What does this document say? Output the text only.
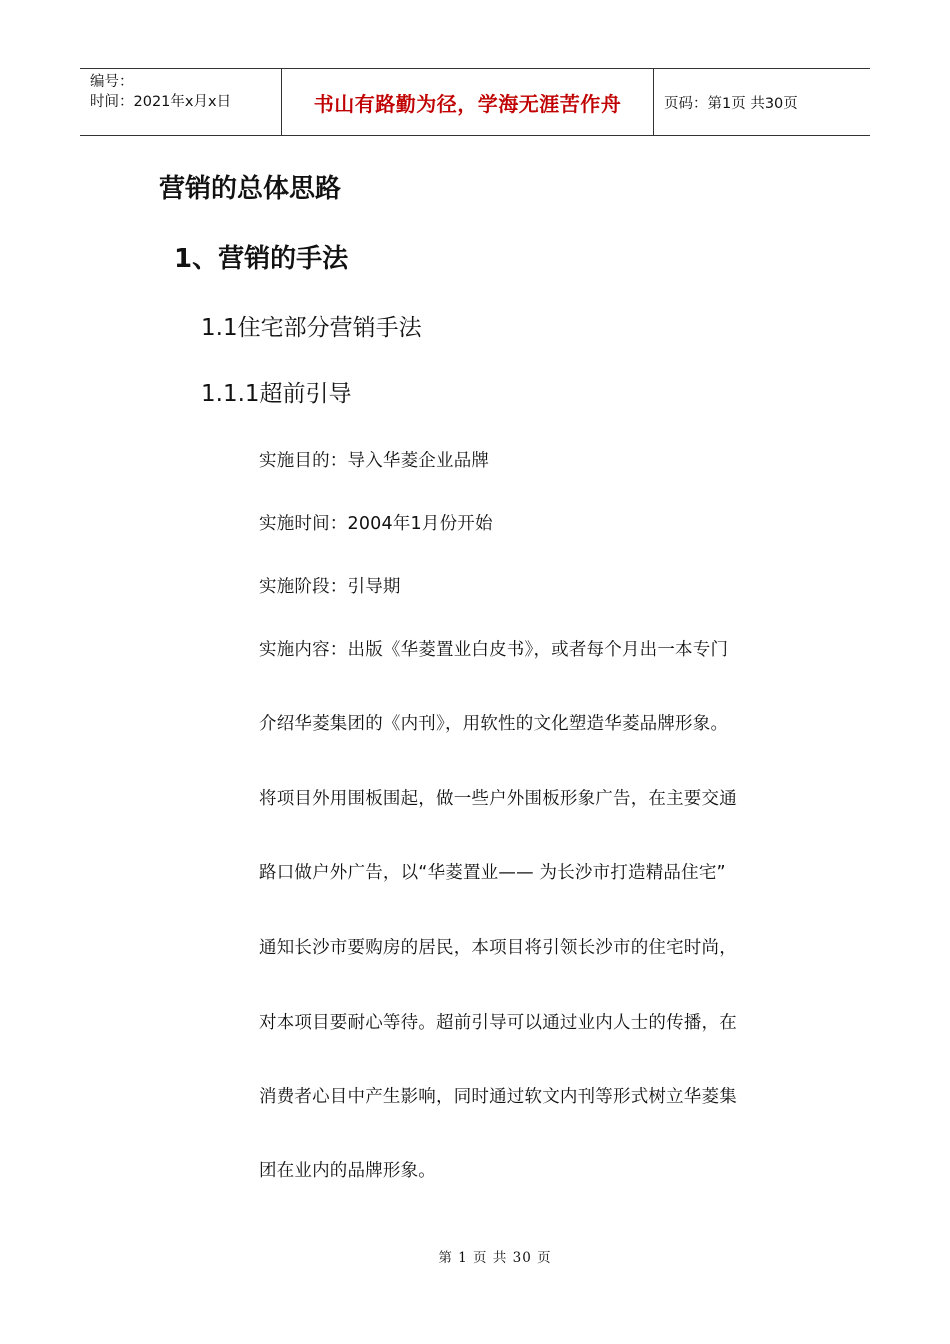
编号：
时间：2021年x月x日	书山有路勤为径，学海无涯苦作舟	页码：第1页 共30页
营销的总体思路
1、营销的手法
1.1住宅部分营销手法
1.1.1超前引导
实施目的：导入华菱企业品牌
实施时间：2004年1月份开始
实施阶段：引导期
实施内容：出版《华菱置业白皮书》，或者每个月出一本专门
介绍华菱集团的《内刊》，用软性的文化塑造华菱品牌形象。
将项目外用围板围起，做一些户外围板形象广告，在主要交通
路口做户外广告，以“华菱置业—— 为长沙市打造精品住宅”
通知长沙市要购房的居民，本项目将引领长沙市的住宅时尚，
对本项目要耐心等待。超前引导可以通过业内人士的传播，在
消费者心目中产生影响，同时通过软文内刊等形式树立华菱集
团在业内的品牌形象。
第 1 页 共 30 页
